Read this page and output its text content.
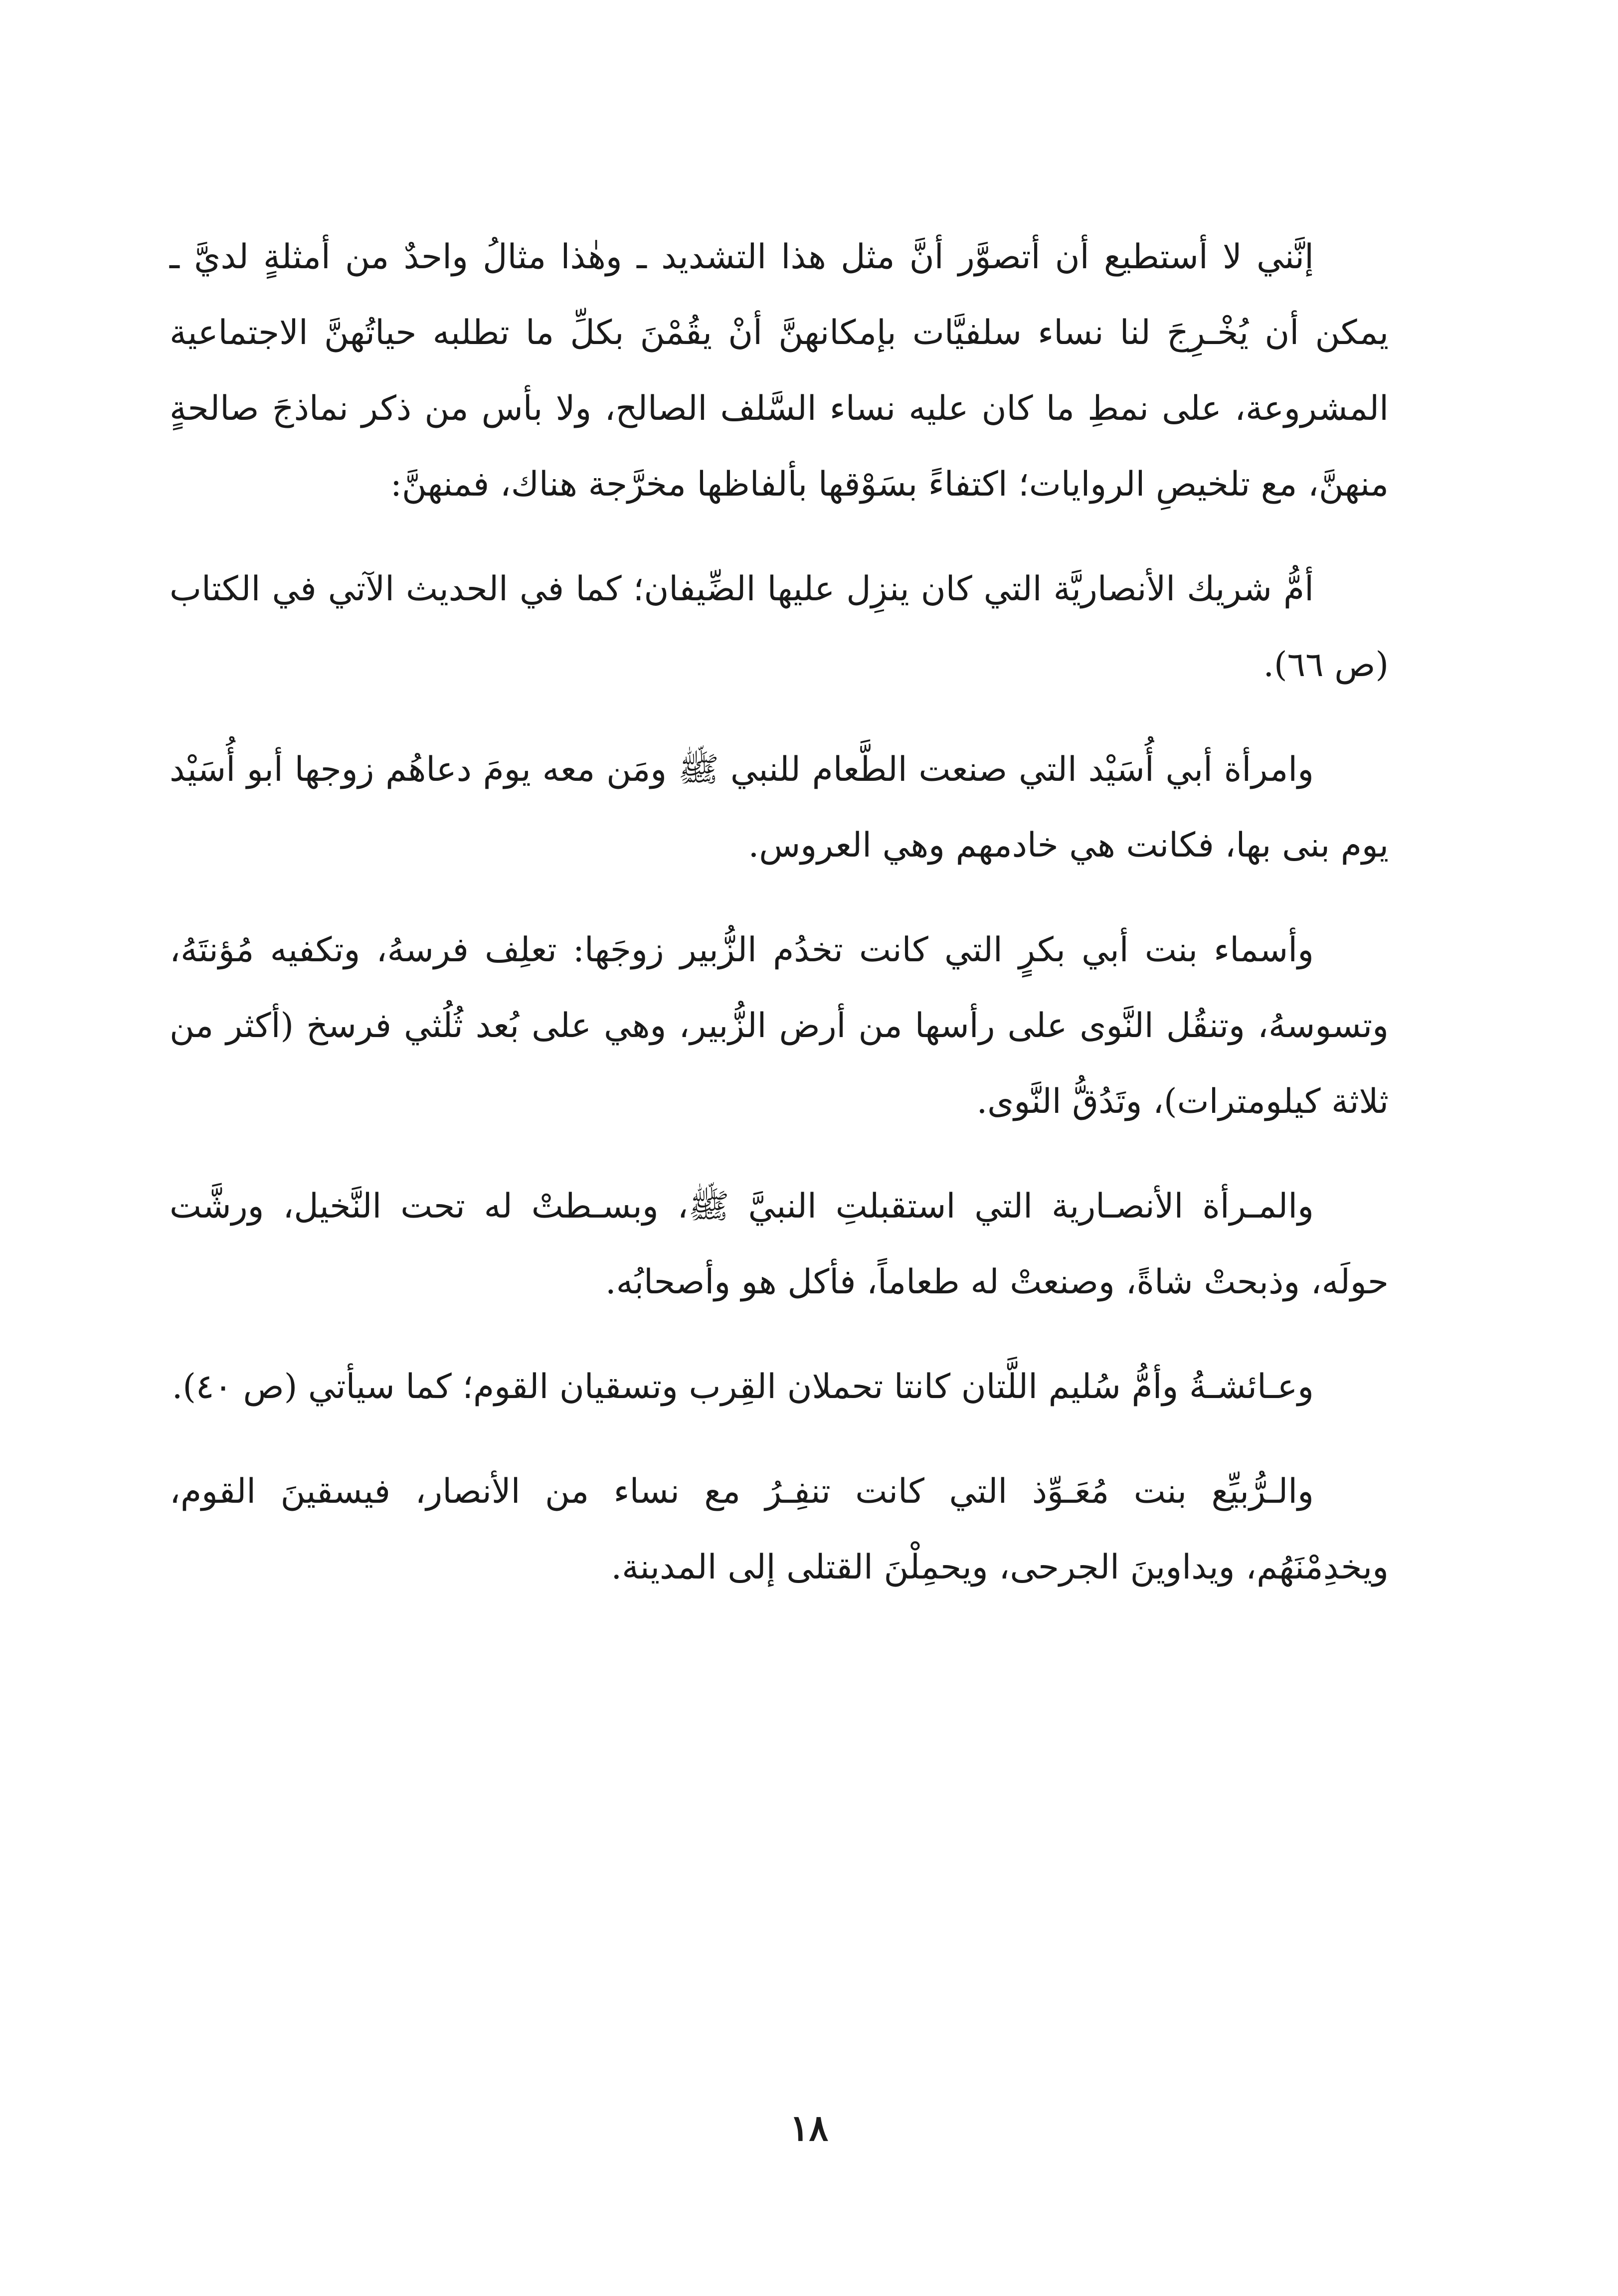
إنَّني لا أستطيع أن أتصوَّر أنَّ مثل هذا التشديد ـ وهٰذا مثالُ واحدٌ من أمثلةٍ لديَّ ـ يمكن أن يُخْـرِجَ لنا نساء سلفيَّات بإمكانهنَّ أنْ يقُمْنَ بكلِّ ما تطلبه حياتُهنَّ الاجتماعية المشروعة، على نمطِ ما كان عليه نساء السَّلف الصالح، ولا بأس من ذكر نماذجَ صالحةٍ منهنَّ، مع تلخيصِ الروايات؛ اكتفاءً بسَوْقها بألفاظها مخرَّجة هناك، فمنهنَّ:

أمُّ شريك الأنصاريَّة التي كان ينزِل عليها الضِّيفان؛ كما في الحديث الآتي في الكتاب (ص ٦٦).

وامرأة أبي أُسَيْد التي صنعت الطَّعام للنبي ﷺ ومَن معه يومَ دعاهُم زوجها أبو أُسَيْد يوم بنى بها، فكانت هي خادمهم وهي العروس.

وأسماء بنت أبي بكرٍ التي كانت تخدُم الزُّبير زوجَها: تعلِف فرسهُ، وتكفيه مُؤنتَهُ، وتسوسهُ، وتنقُل النَّوى على رأسها من أرض الزُّبير، وهي على بُعد ثُلُثي فرسخ (أكثر من ثلاثة كيلومترات)، وتَدُقُّ النَّوى.

والمـرأة الأنصـارية التي استقبلتِ النبيَّ ﷺ، وبسـطتْ له تحت النَّخيل، ورشَّت حولَه، وذبحتْ شاةً، وصنعتْ له طعاماً، فأكل هو وأصحابُه.

وعـائشـةُ وأمُّ سُليم اللَّتان كانتا تحملان القِرب وتسقيان القوم؛ كما سيأتي (ص ٤٠).

والـرُّبيِّع بنت مُعَـوِّذ التي كانت تنفِـرُ مع نساء من الأنصار، فيسقينَ القوم، ويخدِمْنَهُم، ويداوينَ الجرحى، ويحمِلْنَ القتلى إلى المدينة.

١٨
